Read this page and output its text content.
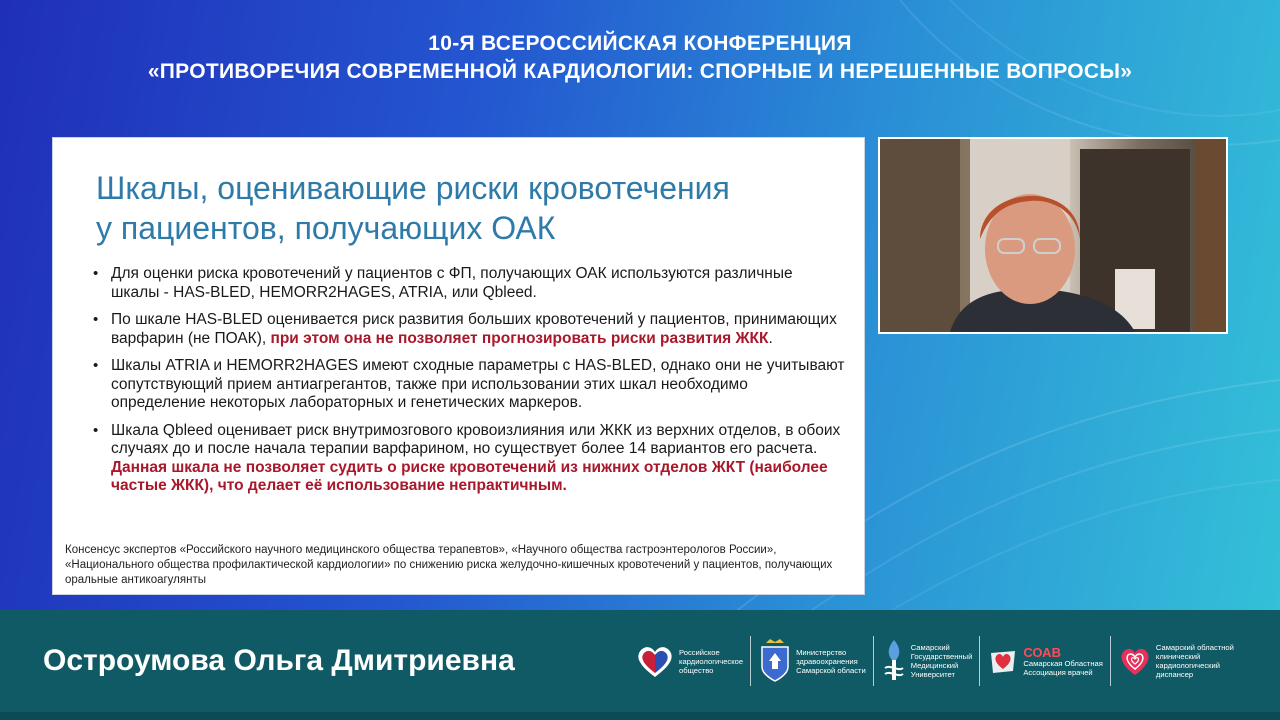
10-Я ВСЕРОССИЙСКАЯ КОНФЕРЕНЦИЯ
«ПРОТИВОРЕЧИЯ СОВРЕМЕННОЙ КАРДИОЛОГИИ: СПОРНЫЕ И НЕРЕШЕННЫЕ ВОПРОСЫ»
Шкалы, оценивающие риски кровотечения
у пациентов, получающих ОАК
• Для оценки риска кровотечений у пациентов с ФП, получающих ОАК используются различные шкалы - HAS-BLED, HEMORR2HAGES, ATRIA, или Qbleed.
• По шкале HAS-BLED оценивается риск развития больших кровотечений у пациентов, принимающих варфарин (не ПОАК), при этом она не позволяет прогнозировать риски развития ЖКК.
• Шкалы ATRIA и HEMORR2HAGES имеют сходные параметры с HAS-BLED, однако они не учитывают сопутствующий прием антиагрегантов, также при использовании этих шкал необходимо определение некоторых лабораторных и генетических маркеров.
• Шкала Qbleed оценивает риск внутримозгового кровоизлияния или ЖКК из верхних отделов, в обоих случаях до и после начала терапии варфарином, но существует более 14 вариантов его расчета. Данная шкала не позволяет судить о риске кровотечений из нижних отделов ЖКТ (наиболее частые ЖКК), что делает её использование непрактичным.
Консенсус экспертов «Российского научного медицинского общества терапевтов», «Научного общества гастроэнтерологов России», «Национального общества профилактической кардиологии» по снижению риска желудочно-кишечных кровотечений у пациентов, получающих оральные антикоагулянты
Остроумова Ольга Дмитриевна	Российское
кардиологическое
общество
Министерство
здравоохранения
Самарской области
Самарский
Государственный
Медицинский
Университет
СОАВ
Самарская Областная
Ассоциация врачей
Самарский областной
клинический
кардиологический
диспансер
